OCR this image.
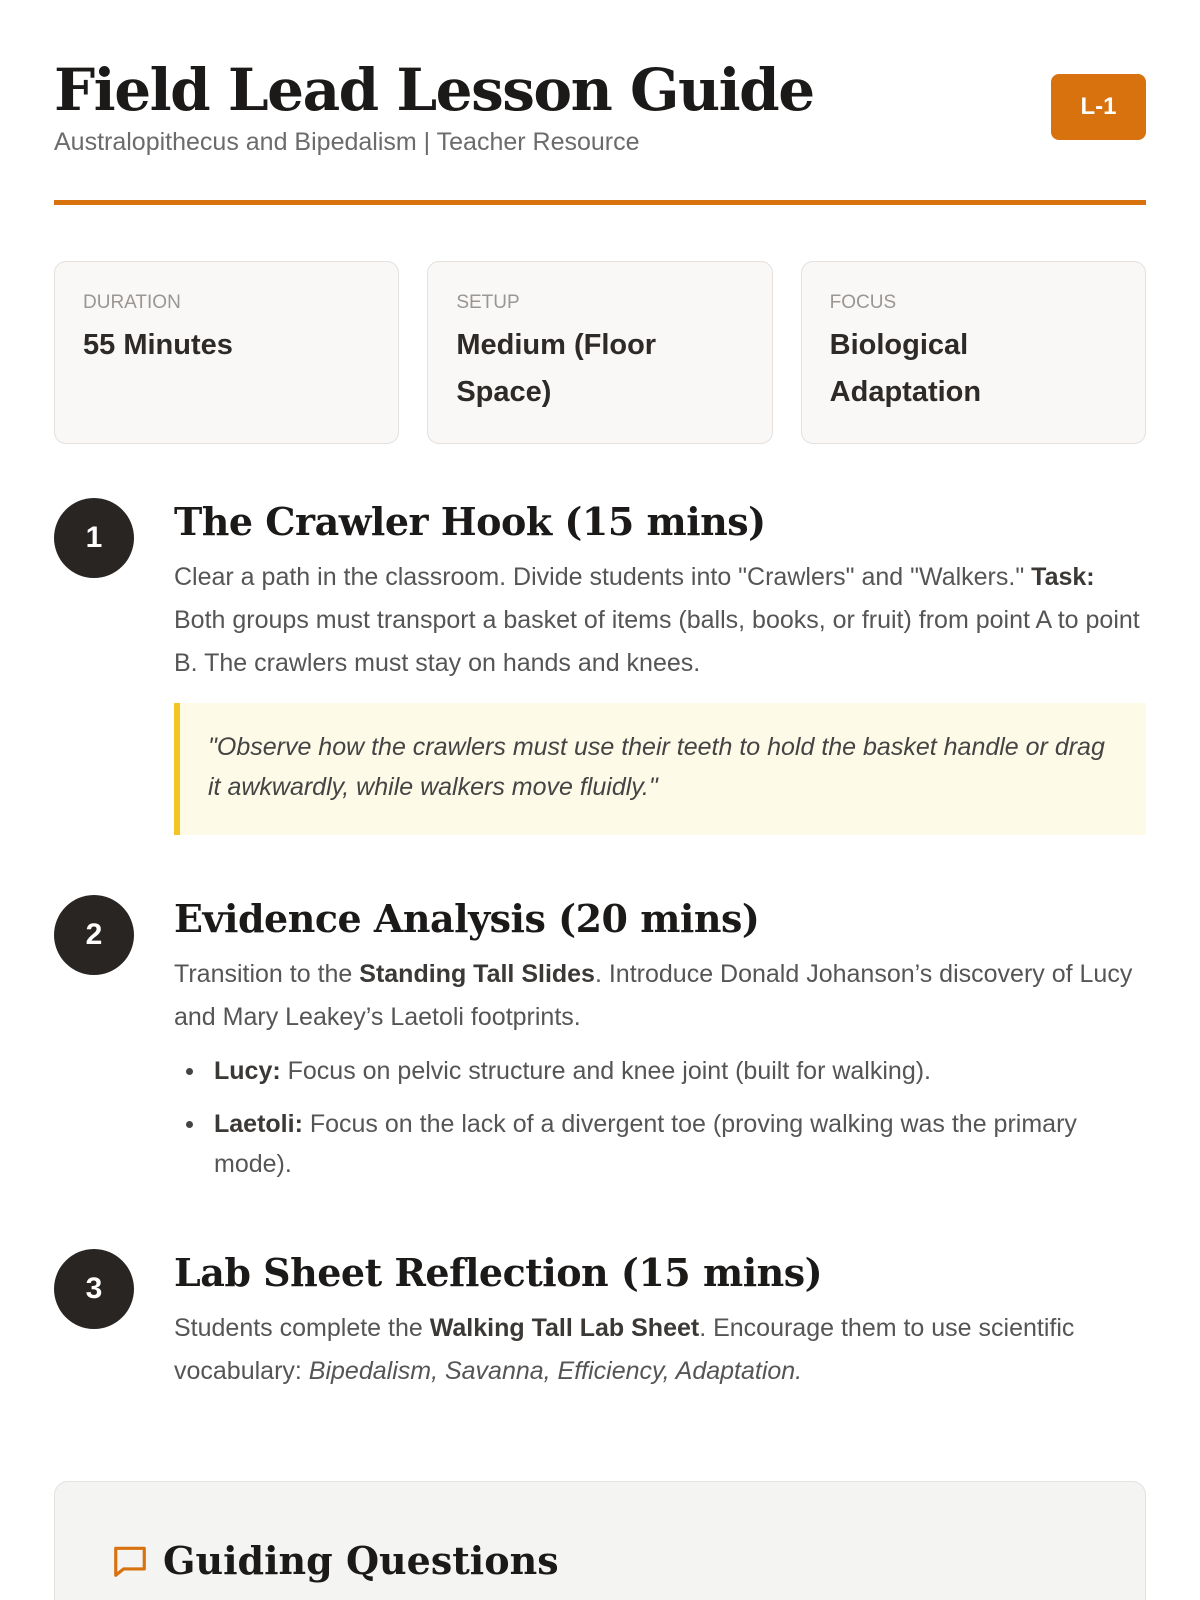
Field Lead Lesson Guide
Australopithecus and Bipedalism | Teacher Resource
L-1
DURATION
55 Minutes
SETUP
Medium (Floor Space)
FOCUS
Biological Adaptation
1	The Crawler Hook (15 mins)

Clear a path in the classroom. Divide students into "Crawlers" and "Walkers." Task: Both groups must transport a basket of items (balls, books, or fruit) from point A to point B. The crawlers must stay on hands and knees.

"Observe how the crawlers must use their teeth to hold the basket handle or drag it awkwardly, while walkers move fluidly."
2	Evidence Analysis (20 mins)

Transition to the Standing Tall Slides. Introduce Donald Johanson’s discovery of Lucy and Mary Leakey’s Laetoli footprints.

Lucy: Focus on pelvic structure and knee joint (built for walking).
Laetoli: Focus on the lack of a divergent toe (proving walking was the primary mode).
3	Lab Sheet Reflection (15 mins)

Students complete the Walking Tall Lab Sheet. Encourage them to use scientific vocabulary: Bipedalism, Savanna, Efficiency, Adaptation.

Guiding Questions
